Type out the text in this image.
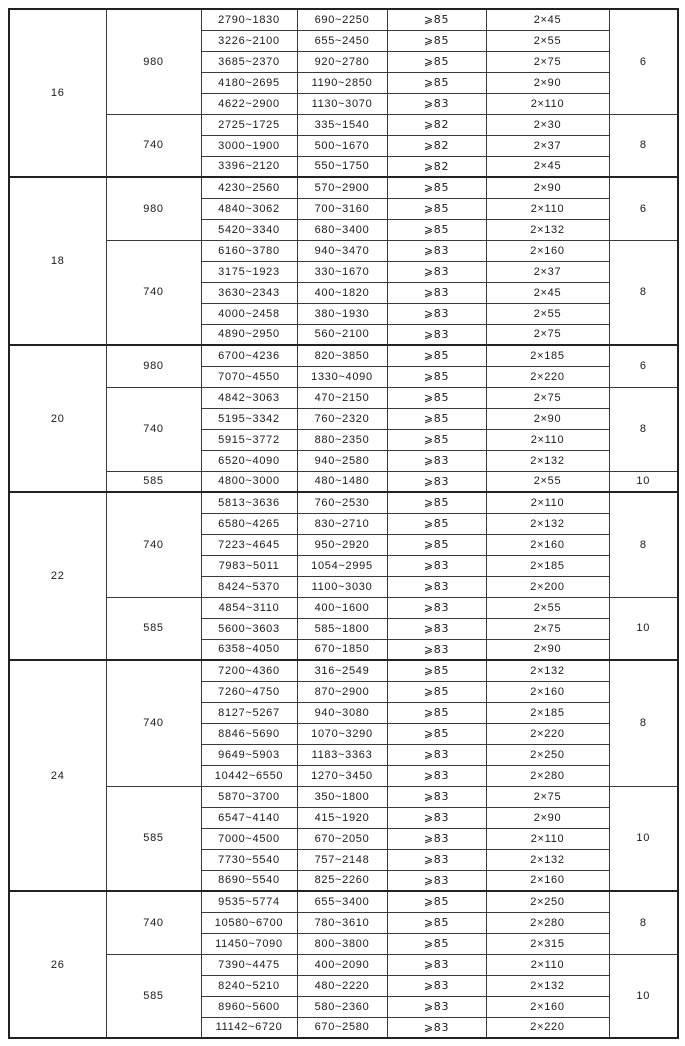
16	980	2790~1830	690~2250	⩾85	2×45	6
		3226~2100	655~2450	⩾85	2×55	
		3685~2370	920~2780	⩾85	2×75	
		4180~2695	1190~2850	⩾85	2×90	
		4622~2900	1130~3070	⩾83	2×110	
	740	2725~1725	335~1540	⩾82	2×30	8
		3000~1900	500~1670	⩾82	2×37	
		3396~2120	550~1750	⩾82	2×45	
18	980	4230~2560	570~2900	⩾85	2×90	6
		4840~3062	700~3160	⩾85	2×110	
		5420~3340	680~3400	⩾85	2×132	
	740	6160~3780	940~3470	⩾83	2×160	8
		3175~1923	330~1670	⩾83	2×37	
		3630~2343	400~1820	⩾83	2×45	
		4000~2458	380~1930	⩾83	2×55	
		4890~2950	560~2100	⩾83	2×75	
20	980	6700~4236	820~3850	⩾85	2×185	6
		7070~4550	1330~4090	⩾85	2×220	
	740	4842~3063	470~2150	⩾85	2×75	8
		5195~3342	760~2320	⩾85	2×90	
		5915~3772	880~2350	⩾85	2×110	
		6520~4090	940~2580	⩾83	2×132	
	585	4800~3000	480~1480	⩾83	2×55	10
22	740	5813~3636	760~2530	⩾85	2×110	8
		6580~4265	830~2710	⩾85	2×132	
		7223~4645	950~2920	⩾85	2×160	
		7983~5011	1054~2995	⩾83	2×185	
		8424~5370	1100~3030	⩾83	2×200	
	585	4854~3110	400~1600	⩾83	2×55	10
		5600~3603	585~1800	⩾83	2×75	
		6358~4050	670~1850	⩾83	2×90	
24	740	7200~4360	316~2549	⩾85	2×132	8
		7260~4750	870~2900	⩾85	2×160	
		8127~5267	940~3080	⩾85	2×185	
		8846~5690	1070~3290	⩾85	2×220	
		9649~5903	1183~3363	⩾83	2×250	
		10442~6550	1270~3450	⩾83	2×280	
	585	5870~3700	350~1800	⩾83	2×75	10
		6547~4140	415~1920	⩾83	2×90	
		7000~4500	670~2050	⩾83	2×110	
		7730~5540	757~2148	⩾83	2×132	
		8690~5540	825~2260	⩾83	2×160	
26	740	9535~5774	655~3400	⩾85	2×250	8
		10580~6700	780~3610	⩾85	2×280	
		11450~7090	800~3800	⩾85	2×315	
	585	7390~4475	400~2090	⩾83	2×110	10
		8240~5210	480~2220	⩾83	2×132	
		8960~5600	580~2360	⩾83	2×160	
		11142~6720	670~2580	⩾83	2×220	
